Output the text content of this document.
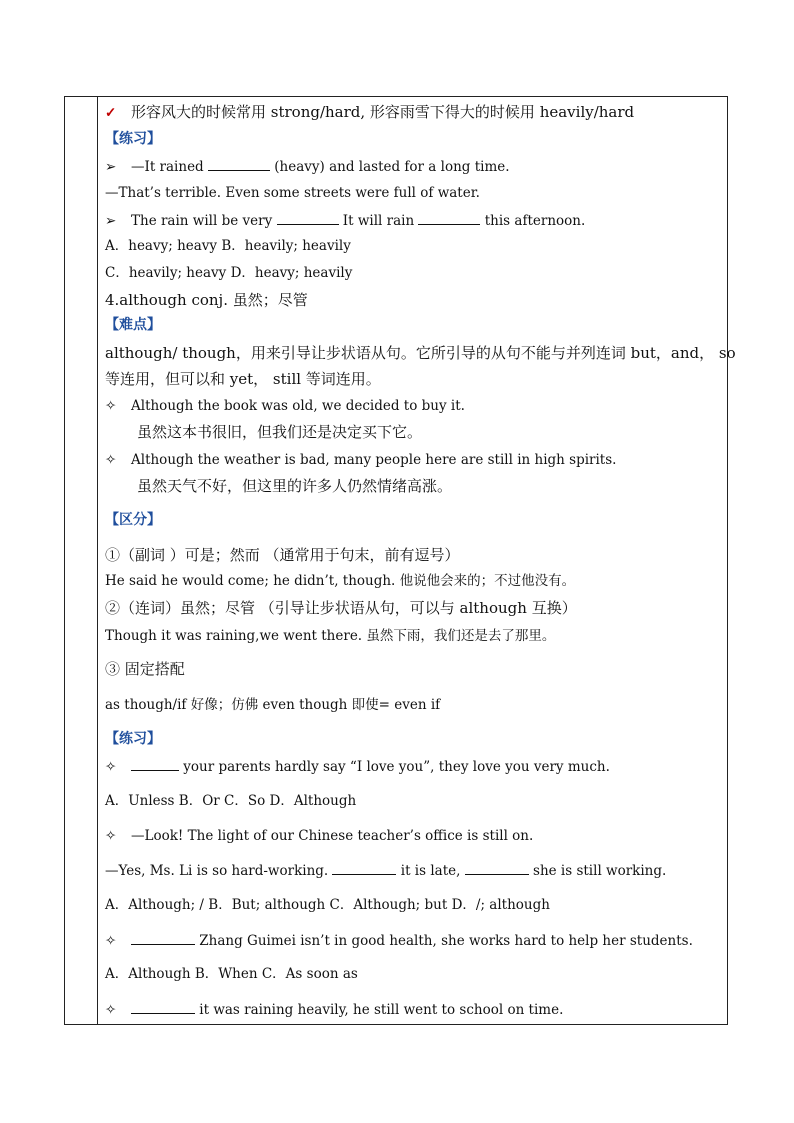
✓ 形容风大的时候常用 strong/hard, 形容雨雪下得大的时候用 heavily/hard
【练习】
➢ —It rained	(heavy) and lasted for a long time.
—That’s terrible. Even some streets were full of water.
➢ The rain will be very	It will rain	this afternoon.
A．heavy; heavy B．heavily; heavily
C．heavily; heavy D．heavy; heavily
4.although conj. 虽然；尽管
【难点】
although/ though，用来引导让步状语从句。它所引导的从句不能与并列连词 but，and， so
等连用，但可以和 yet， still 等词连用。
✧ Although the book was old, we decided to buy it.
虽然这本书很旧，但我们还是决定买下它。
✧ Although the weather is bad, many people here are still in high spirits.
虽然天气不好，但这里的许多人仍然情绪高涨。
【区分】
①（副词 ）可是；然而 （通常用于句末，前有逗号）
He said he would come; he didn’t, though. 他说他会来的；不过他没有。
②（连词）虽然；尽管 （引导让步状语从句，可以与 although 互换）
Though it was raining,we went there. 虽然下雨，我们还是去了那里。
③ 固定搭配
as though/if 好像；仿佛 even though 即使= even if
【练习】
✧	your parents hardly say “I love you”, they love you very much.
A．Unless B．Or C．So D．Although
✧ —Look! The light of our Chinese teacher’s office is still on.
—Yes, Ms. Li is so hard-working.	it is late,	she is still working.
A．Although; / B．But; although C．Although; but D．/; although
✧	Zhang Guimei isn’t in good health, she works hard to help her students.
A．Although B．When C．As soon as
✧	it was raining heavily, he still went to school on time.
